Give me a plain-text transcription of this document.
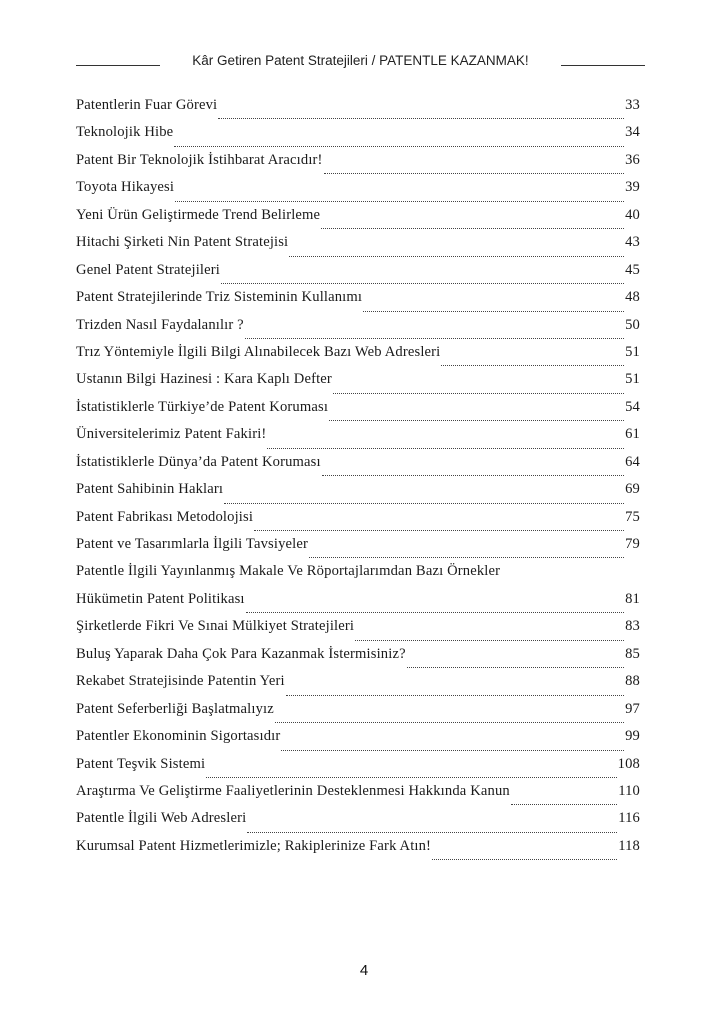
Kâr Getiren Patent Stratejileri / PATENTLE KAZANMAK!
Patentlerin Fuar Görevi	33
Teknolojik Hibe	34
Patent Bir Teknolojik İstihbarat Aracıdır!	36
Toyota Hikayesi	39
Yeni Ürün Geliştirmede Trend Belirleme	40
Hitachi Şirketi Nin Patent Stratejisi	43
Genel Patent Stratejileri	45
Patent Stratejilerinde Triz Sisteminin Kullanımı	48
Trizden Nasıl Faydalanılır ?	50
Trız Yöntemiyle İlgili Bilgi Alınabilecek Bazı Web Adresleri	51
Ustanın Bilgi Hazinesi : Kara Kaplı Defter	51
İstatistiklerle Türkiye’de Patent Koruması	54
Üniversitelerimiz Patent Fakiri!	61
İstatistiklerle Dünya’da Patent Koruması	64
Patent Sahibinin Hakları	69
Patent Fabrikası Metodolojisi	75
Patent ve Tasarımlarla İlgili Tavsiyeler	79
Patentle İlgili Yayınlanmış Makale Ve Röportajlarımdan Bazı Örnekler
Hükümetin Patent Politikası	81
Şirketlerde Fikri Ve Sınai Mülkiyet Stratejileri	83
Buluş Yaparak Daha Çok Para Kazanmak İstermisiniz?	85
Rekabet Stratejisinde Patentin Yeri	88
Patent Seferberliği Başlatmalıyız	97
Patentler Ekonominin Sigortasıdır	99
Patent Teşvik Sistemi	108
Araştırma Ve Geliştirme Faaliyetlerinin Desteklenmesi Hakkında Kanun	110
Patentle İlgili Web Adresleri	116
Kurumsal Patent Hizmetlerimizle; Rakiplerinize Fark Atın!	118
4
